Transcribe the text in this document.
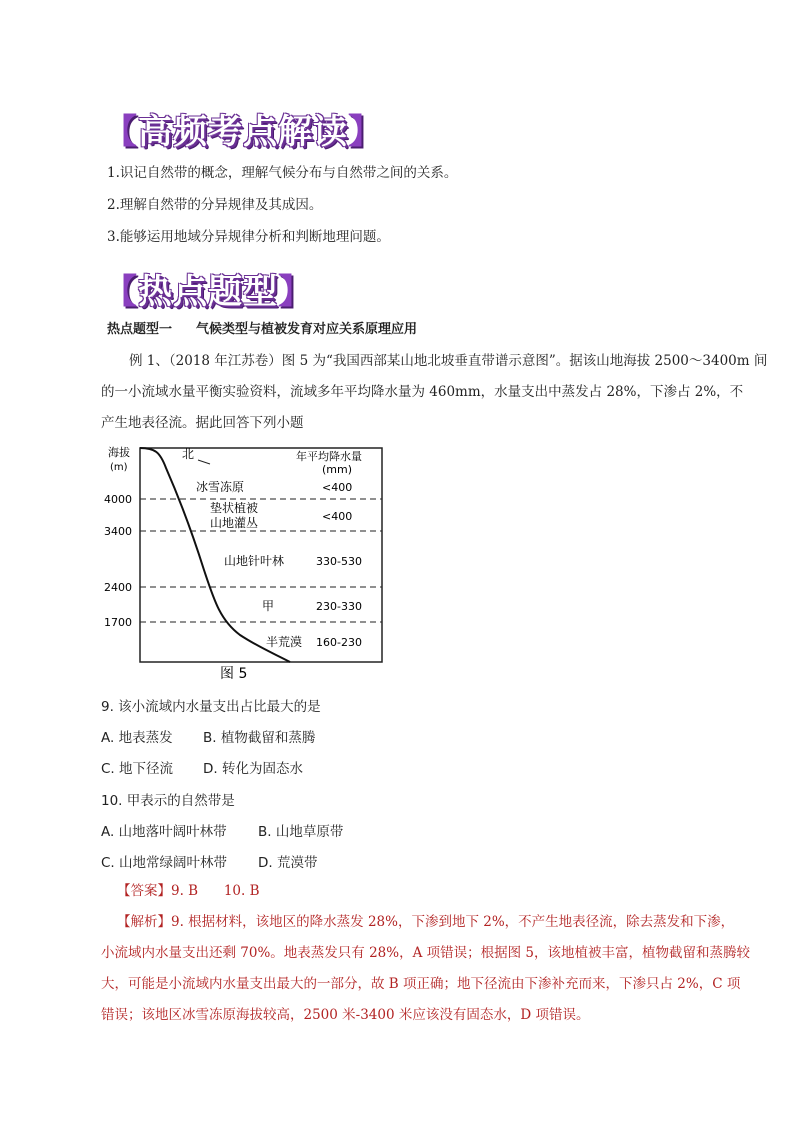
【高频考点解读】
1.识记自然带的概念，理解气候分布与自然带之间的关系。
2.理解自然带的分异规律及其成因。
3.能够运用地域分异规律分析和判断地理问题。
【热点题型】
热点题型一 气候类型与植被发育对应关系原理应用
例 1、（2018 年江苏卷）图 5 为“我国西部某山地北坡垂直带谱示意图”。据该山地海拔 2500～3400m 间
的一小流域水量平衡实验资料，流域多年平均降水量为 460mm，水量支出中蒸发占 28%，下渗占 2%，不
产生地表径流。据此回答下列小题
海拔
(m)
北	年平均降水量
(mm)
4000
3400
2400
1700
冰雪冻原	<400
垫状植被
山地灌丛	<400
山地针叶林	330-530
甲	230-330
半荒漠 160-230
图 5
9. 该小流域内水量支出占比最大的是
A. 地表蒸发 B. 植物截留和蒸腾
C. 地下径流 D. 转化为固态水
10. 甲表示的自然带是
A. 山地落叶阔叶林带 B. 山地草原带
C. 山地常绿阔叶林带 D. 荒漠带
【答案】9. B      10. B
【解析】9. 根据材料，该地区的降水蒸发 28%，下渗到地下 2%，不产生地表径流，除去蒸发和下渗，
小流域内水量支出还剩 70%。地表蒸发只有 28%，A 项错误；根据图 5，该地植被丰富，植物截留和蒸腾较
大，可能是小流域内水量支出最大的一部分，故 B 项正确；地下径流由下渗补充而来，下渗只占 2%，C 项
错误；该地区冰雪冻原海拔较高，2500 米-3400 米应该没有固态水，D 项错误。
